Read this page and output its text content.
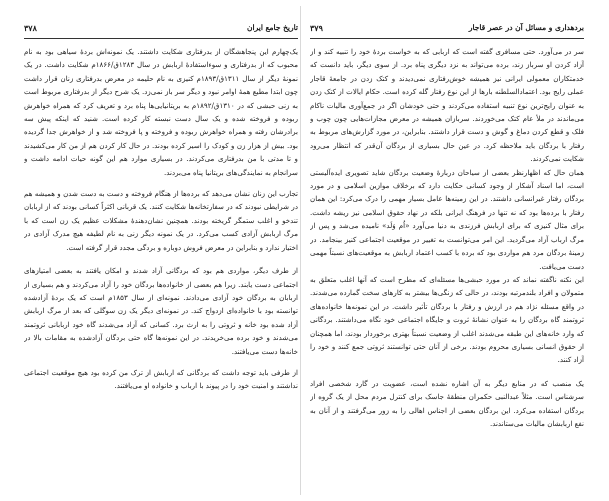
۳۷۸	تاریخ جامع ایران

یک‌چهارم این پنجاهشگان از بدرفتاری شکایت داشتند. یک نمونه‌اش بردهٔ سیاهی بود به نام محبوب که از بدرفتاری و سوءاستفادهٔ اربابش در سال ۱۲۸۳ق/۱۸۶۶م شکایت داشت. در یک نمونهٔ دیگر از سال ۱۳۱۱ق/۱۸۹۳م کنیزی به نام حلیمه در معرض بدرفتاری زنان قرار داشت چون ابتدا مطیع همهٔ اوامر نبود و دیگر سر باز نمی‌زد. یک شرح دیگر از بدرفتاری مربوط است به زنی حبشی که در ۱۳۱۰ق/۱۸۹۲م به بریتانیایی‌ها پناه برد و تعریف کرد که همراه خواهرش ربوده و فروخته شده و یک سال دست نبسته کار کرده است. شنید که اینکه پیش سه برادرشان رفته و همراه خواهرش ربوده و فروخته و پا فروخته شد و از خواهرش جدا گردیده بود. بیش از هزار زن و کودک را اسیر کرده بودند. در حال کار کردن هم از من کار می‌کشیدند و تا مدتی با من بدرفتاری می‌کردند. در بسیاری موارد هم این گونه حیات ادامه داشت و سرانجام به نمایندگی‌های بریتانیا پناه می‌بردند.

تجارب این زنان نشان می‌دهد که برده‌ها از هنگام فروخته و دست به دست شدن و همیشه هم در شرایطی نبودند که در سفارتخانه‌ها شکایت کنند. یک قربانی اکثراً کسانی بودند که از اربابان تندخو و اغلب ستمگر گریخته بودند. همچنین نشان‌دهندهٔ مشکلات عظیم یک زن است که با مرگ اربابش آزادی کسب می‌کرد. در یک نمونه دیگر زنی به نام لطیفه هیچ مدرک آزادی در اختیار ندارد و بنابراین در معرض فروش دوباره و بردگی مجدد قرار گرفته است.

از طرف دیگر، مواردی هم بود که بردگانی آزاد شدند و امکان یافتند به بعضی امتیازهای اجتماعی دست یابند. زیرا هم بعضی از خانواده‌ها بردگان خود را آزاد می‌کردند و هم بسیاری از اربابان به بردگان خود آزادی می‌دادند. نمونه‌ای از سال ۱۸۵۳م است که یک بردهٔ آزادشده توانسته بود با خانواده‌ای ازدواج کند. در نمونه‌ای دیگر یک زن سوگلی که بعد از مرگ اربابش آزاد شده بود خانه و ثروتی را به ارث برد. کسانی که آزاد می‌شدند گاه خود اربابانی ثروتمند می‌شدند و خود برده می‌خریدند. در این نمونه‌ها گاه حتی بردگان آزادشده به مقامات بالا در خانه‌ها دست می‌یافتند.

از طرفی باید توجه داشت که بردگانی که اربابش از ترک من کرده بود هیچ موقعیت اجتماعی نداشتند و امنیت خود را در پیوند با ارباب و خانواده او می‌یافتند.

۳۷۹	بردهداری و مسائل آن در عصر قاجار

سر در می‌آورد. حتی مسافری گفته است که اربابی که به خواست بردهٔ خود را تنبیه کند و از آزاد کردن او سرباز زند، برده می‌تواند به نزد دیگری پناه برد. از سوی دیگر، باید دانست که خدمتکاران معمولی ایرانی نیز همیشه خوش‌رفتاری نمی‌دیدند و کتک زدن در جامعهٔ قاجار عملی رایج بود. اعتمادالسلطنه بارها از این نوع رفتار گله کرده است. حکام ایالات از کتک زدن به عنوان رایج‌ترین نوع تنبیه استفاده می‌کردند و حتی خودشان اگر در جمع‌آوری مالیات ناکام می‌ماندند در ملأ عام کتک می‌خوردند. سربازان همیشه در معرض مجازات‌هایی چون چوب و فلک و قطع کردن دماغ و گوش و دست قرار داشتند. بنابراین، در مورد گزارش‌های مربوط به رفتار با بردگان باید ملاحظه کرد. در عین حال بسیاری از بردگان آن‌قدر که انتظار می‌رود شکایت نمی‌کردند.

همان حال که اظهارنظر بعضی از سیاحان دربارهٔ وضعیت بردگان شاید تصویری ایده‌آلیستی است، اما اسناد آشکار از وجود کسانی حکایت دارد که برخلاف موازین اسلامی و در مورد بردگان رفتار غیرانسانی داشتند. در این زمینه‌ها عامل بسیار مهمی را درک می‌کرد: این همان رفتار با برده‌ها بود که نه تنها در فرهنگ ایرانی بلکه در نهاد حقوق اسلامی نیز ریشه داشت. برای مثال کنیزی که برای اربابش فرزندی به دنیا می‌آورد «اُم وَلَد» نامیده می‌شد و پس از مرگ ارباب آزاد می‌گردید. این امر می‌توانست به تغییر در موقعیت اجتماعی کنیز بینجامد. در زمینهٔ بردگان مرد هم مواردی بود که برده با کسب اعتماد اربابش به موقعیت‌های نسبتاً مهمی دست می‌یافت.

این نکته ناگفته نماند که در مورد حبشی‌ها مسئله‌ای که مطرح است که آنها اغلب متعلق به متمولان و افراد بلندمرتبه بودند، در حالی که زنگی‌ها بیشتر به کارهای سخت گمارده می‌شدند. در واقع مسئله نژاد هم در ارزش و رفتار با بردگان تأثیر داشت. در این نمونه‌ها خانواده‌های ثروتمند گاه بردگان را به عنوان نشانهٔ ثروت و جایگاه اجتماعی خود نگاه می‌داشتند. بردگانی که وارد خانه‌های این طبقه می‌شدند اغلب از وضعیت نسبتاً بهتری برخوردار بودند، اما همچنان از حقوق انسانی بسیاری محروم بودند. برخی از آنان حتی توانستند ثروتی جمع کنند و خود را آزاد کنند.

یک منصب که در منابع دیگر به آن اشاره نشده است، عضویت در گارد شخصی افراد سرشناس است. مثلاً عبدالنبی حکمران منطقهٔ جاسک برای کنترل مردم محل از یک گروه از بردگان استفاده می‌کرد. این بردگان بعضی از اجناس اهالی را به زور می‌گرفتند و از آنان به نفع اربابشان مالیات می‌ستاندند.
